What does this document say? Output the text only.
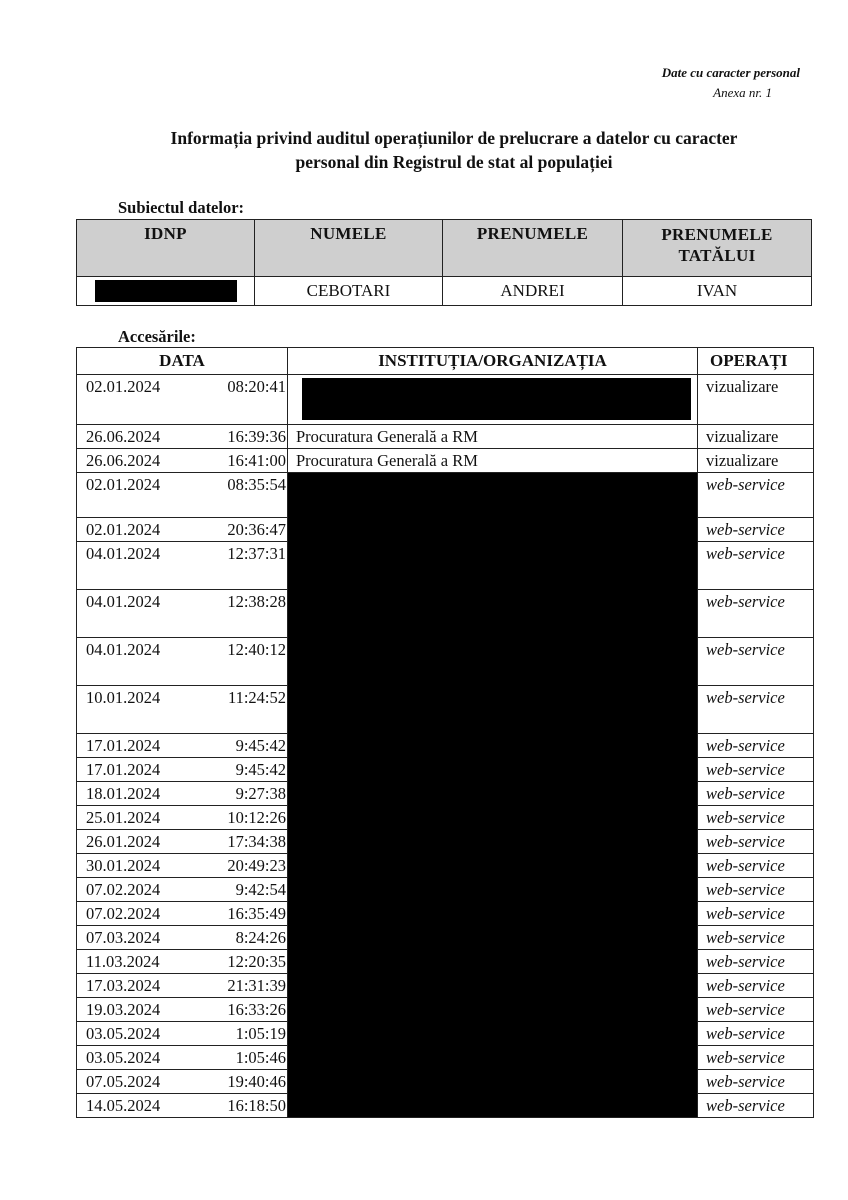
Date cu caracter personal
Anexa nr. 1
Informația privind auditul operațiunilor de prelucrare a datelor cu caracter
personal din Registrul de stat al populației
Subiectul datelor:
IDNP	NUMELE	PRENUMELE	PRENUMELE TATĂLUI
	CEBOTARI	ANDREI	IVAN
Accesările:
DATA	INSTITUȚIA/ORGANIZAȚIA	OPERAȚI
02.01.2024 08:20:41		vizualizare
26.06.2024 16:39:36	Procuratura Generală a RM	vizualizare
26.06.2024 16:41:00	Procuratura Generală a RM	vizualizare
02.01.2024 08:35:54		web-service
02.01.2024 20:36:47		web-service
04.01.2024 12:37:31		web-service
04.01.2024 12:38:28		web-service
04.01.2024 12:40:12		web-service
10.01.2024 11:24:52		web-service
17.01.2024 9:45:42		web-service
17.01.2024 9:45:42		web-service
18.01.2024 9:27:38		web-service
25.01.2024 10:12:26		web-service
26.01.2024 17:34:38		web-service
30.01.2024 20:49:23		web-service
07.02.2024 9:42:54		web-service
07.02.2024 16:35:49		web-service
07.03.2024 8:24:26		web-service
11.03.2024 12:20:35		web-service
17.03.2024 21:31:39		web-service
19.03.2024 16:33:26		web-service
03.05.2024 1:05:19		web-service
03.05.2024 1:05:46		web-service
07.05.2024 19:40:46		web-service
14.05.2024 16:18:50		web-service
